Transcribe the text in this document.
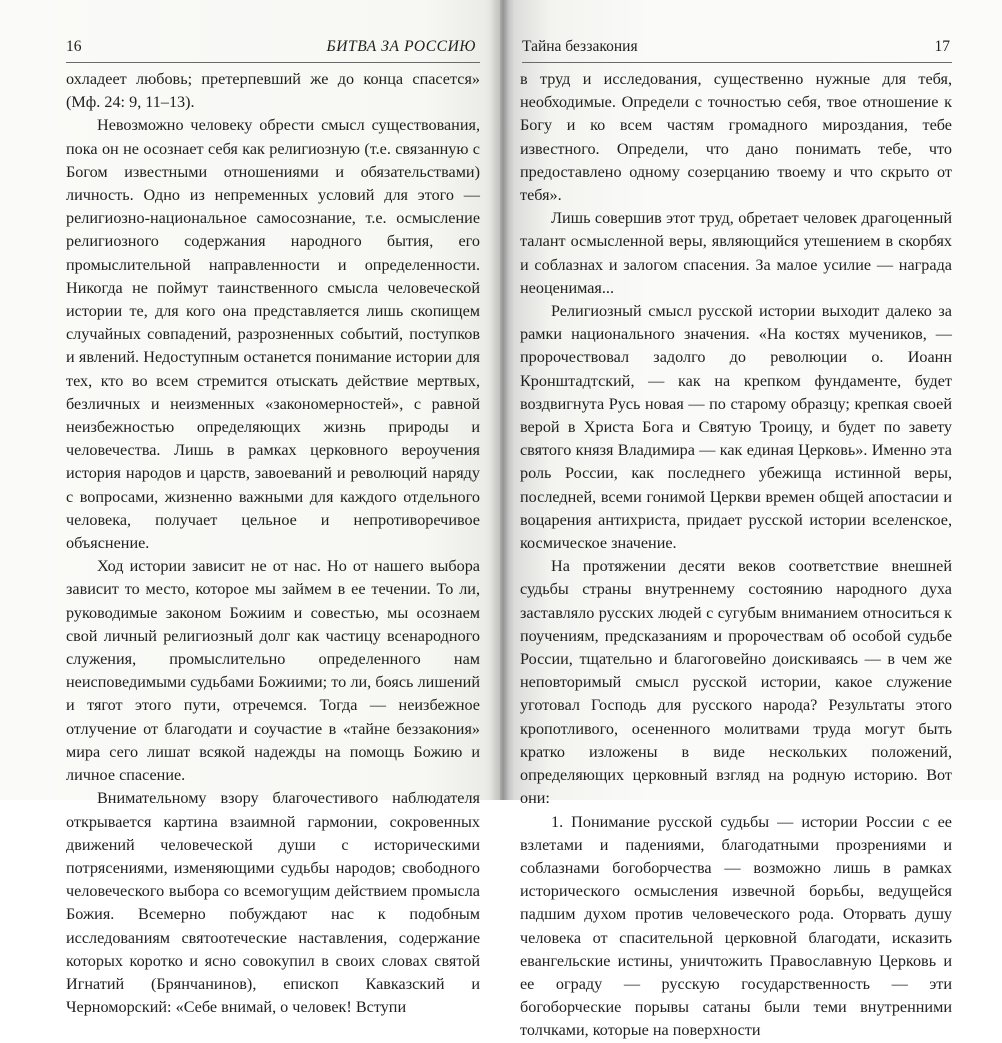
16	БИТВА ЗА РОССИЮ

охладеет любовь; претерпевший же до конца спасется» (Мф. 24: 9, 11–13).

Невозможно человеку обрести смысл существования, пока он не осознает себя как религиозную (т.е. связанную с Богом известными отношениями и обязательствами) личность. Одно из непременных условий для этого — религиозно-национальное самосознание, т.е. осмысление религиозного содержания народного бытия, его промыслительной направленности и определенности. Никогда не поймут таинственного смысла человеческой истории те, для кого она представляется лишь скопищем случайных совпадений, разрозненных событий, поступков и явлений. Недоступным останется понимание истории для тех, кто во всем стремится отыскать действие мертвых, безличных и неизменных «закономерностей», с равной неизбежностью определяющих жизнь природы и человечества. Лишь в рамках церковного вероучения история народов и царств, завоеваний и революций наряду с вопросами, жизненно важными для каждого отдельного человека, получает цельное и непротиворечивое объяснение.

Ход истории зависит не от нас. Но от нашего выбора зависит то место, которое мы займем в ее течении. То ли, руководимые законом Божиим и совестью, мы осознаем свой личный религиозный долг как частицу всенародного служения, промыслительно определенного нам неисповедимыми судьбами Божиими; то ли, боясь лишений и тягот этого пути, отречемся. Тогда — неизбежное отлучение от благодати и соучастие в «тайне беззакония» мира сего лишат всякой надежды на помощь Божию и личное спасение.

Внимательному взору благочестивого наблюдателя открывается картина взаимной гармонии, сокровенных движений человеческой души с историческими потрясениями, изменяющими судьбы народов; свободного человеческого выбора со всемогущим действием промысла Божия. Всемерно побуждают нас к подобным исследованиям святоотеческие наставления, содержание которых коротко и ясно совокупил в своих словах святой Игнатий (Брянчанинов), епископ Кавказский и Черноморский: «Себе внимай, о человек! Вступи

Тайна беззакония	17

в труд и исследования, существенно нужные для тебя, необходимые. Определи с точностью себя, твое отношение к Богу и ко всем частям громадного мироздания, тебе известного. Определи, что дано понимать тебе, что предоставлено одному созерцанию твоему и что скрыто от тебя».

Лишь совершив этот труд, обретает человек драгоценный талант осмысленной веры, являющийся утешением в скорбях и соблазнах и залогом спасения. За малое усилие — награда неоценимая...

Религиозный смысл русской истории выходит далеко за рамки национального значения. «На костях мучеников, — пророчествовал задолго до революции о. Иоанн Кронштадтский, — как на крепком фундаменте, будет воздвигнута Русь новая — по старому образцу; крепкая своей верой в Христа Бога и Святую Троицу, и будет по завету святого князя Владимира — как единая Церковь». Именно эта роль России, как последнего убежища истинной веры, последней, всеми гонимой Церкви времен общей апостасии и воцарения антихриста, придает русской истории вселенское, космическое значение.

На протяжении десяти веков соответствие внешней судьбы страны внутреннему состоянию народного духа заставляло русских людей с сугубым вниманием относиться к поучениям, предсказаниям и пророчествам об особой судьбе России, тщательно и благоговейно доискиваясь — в чем же неповторимый смысл русской истории, какое служение уготовал Господь для русского народа? Результаты этого кропотливого, осененного молитвами труда могут быть кратко изложены в виде нескольких положений, определяющих церковный взгляд на родную историю. Вот они:

1. Понимание русской судьбы — истории России с ее взлетами и падениями, благодатными прозрениями и соблазнами богоборчества — возможно лишь в рамках исторического осмысления извечной борьбы, ведущейся падшим духом против человеческого рода. Оторвать душу человека от спасительной церковной благодати, исказить евангельские истины, уничтожить Православную Церковь и ее ограду — русскую государственность — эти богоборческие порывы сатаны были теми внутренними толчками, которые на поверхности
